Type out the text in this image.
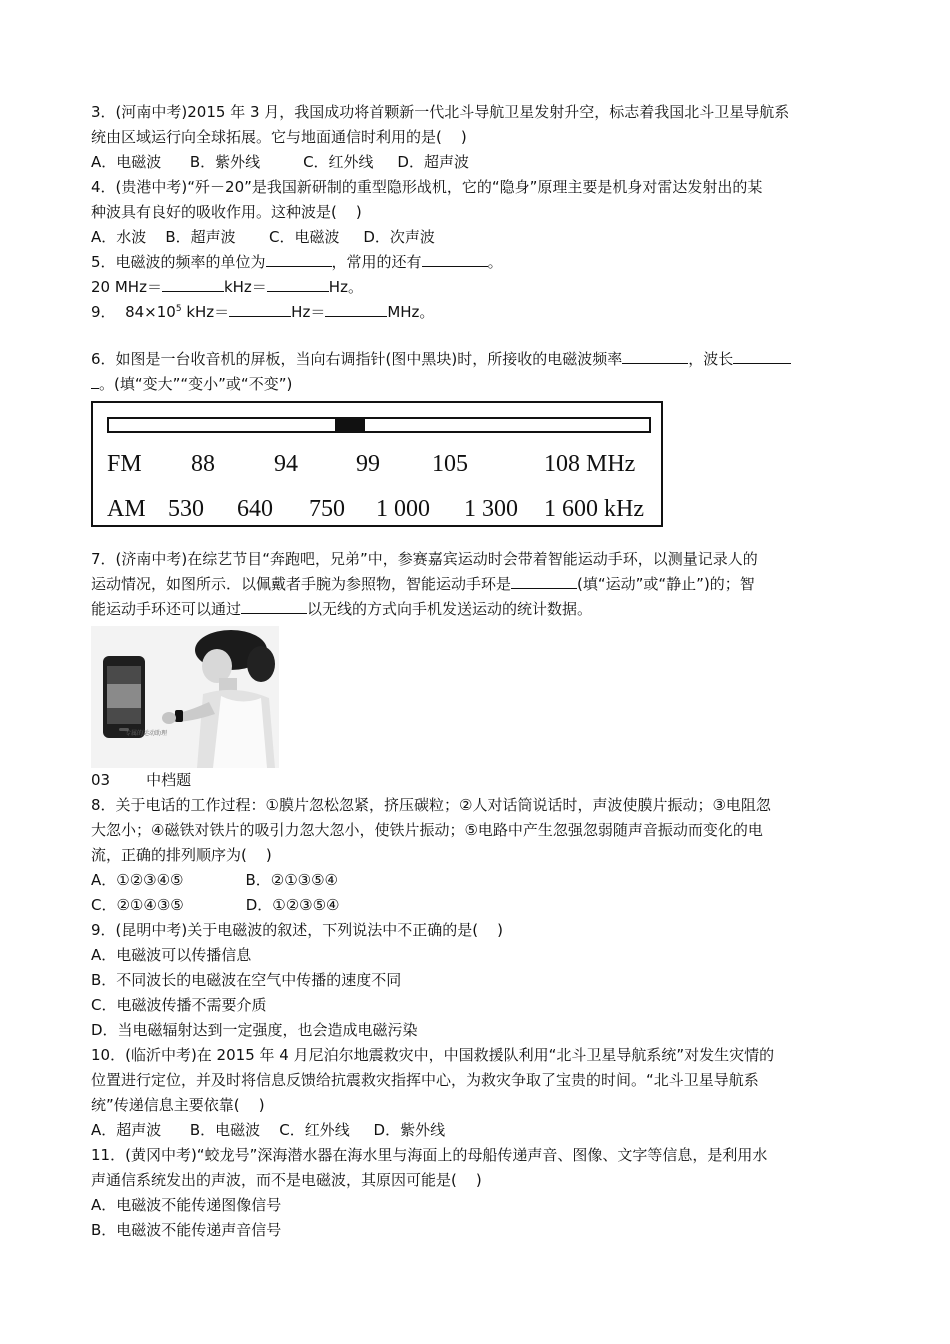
3．(河南中考)2015 年 3 月，我国成功将首颗新一代北斗导航卫星发射升空，标志着我国北斗卫星导航系
统由区域运行向全球拓展。它与地面通信时利用的是(    )
A．电磁波      B．紫外线         C．红外线     D．超声波
4．(贵港中考)“歼－20”是我国新研制的重型隐形战机，它的“隐身”原理主要是机身对雷达发射出的某
种波具有良好的吸收作用。这种波是(    )
A．水波    B．超声波       C．电磁波     D．次声波
5．电磁波的频率的单位为	，常用的还有	。
20 MHz＝	kHz＝	Hz。
9．  $84\times 10^5$ kHz＝	Hz＝	MHz。
6．如图是一台收音机的屏板，当向右调指针(图中黑块)时，所接收的电磁波频率	，波长
。(填“变大”“变小”或“不变”)
FM 88 94 99 105	108 MHz
AM 530 640 750 1 000 1 300 1 600 kHz
7．(济南中考)在综艺节目“奔跑吧，兄弟”中，参赛嘉宾运动时会带着智能运动手环，以测量记录人的
运动情况，如图所示．以佩戴者手腕为参照物，智能运动手环是	(填“运动”或“静止”)的；智
能运动手环还可以通过	以无线的方式向手机发送运动的统计数据。
专属的运动助理
03 中档题
8．关于电话的工作过程：①膜片忽松忽紧，挤压碳粒；②人对话筒说话时，声波使膜片振动；③电阻忽
大忽小；④磁铁对铁片的吸引力忽大忽小，使铁片振动；⑤电路中产生忽强忽弱随声音振动而变化的电
流，正确的排列顺序为(    )
A．①②③④⑤             B．②①③⑤④
C．②①④③⑤             D．①②③⑤④
9．(昆明中考)关于电磁波的叙述，下列说法中不正确的是(    )
A．电磁波可以传播信息
B．不同波长的电磁波在空气中传播的速度不同
C．电磁波传播不需要介质
D．当电磁辐射达到一定强度，也会造成电磁污染
10．(临沂中考)在 2015 年 4 月尼泊尔地震救灾中，中国救援队利用“北斗卫星导航系统”对发生灾情的
位置进行定位，并及时将信息反馈给抗震救灾指挥中心，为救灾争取了宝贵的时间。“北斗卫星导航系
统”传递信息主要依靠(    )
A．超声波      B．电磁波    C．红外线     D．紫外线
11．(黄冈中考)“蛟龙号”深海潜水器在海水里与海面上的母船传递声音、图像、文字等信息，是利用水
声通信系统发出的声波，而不是电磁波，其原因可能是(    )
A．电磁波不能传递图像信号
B．电磁波不能传递声音信号
